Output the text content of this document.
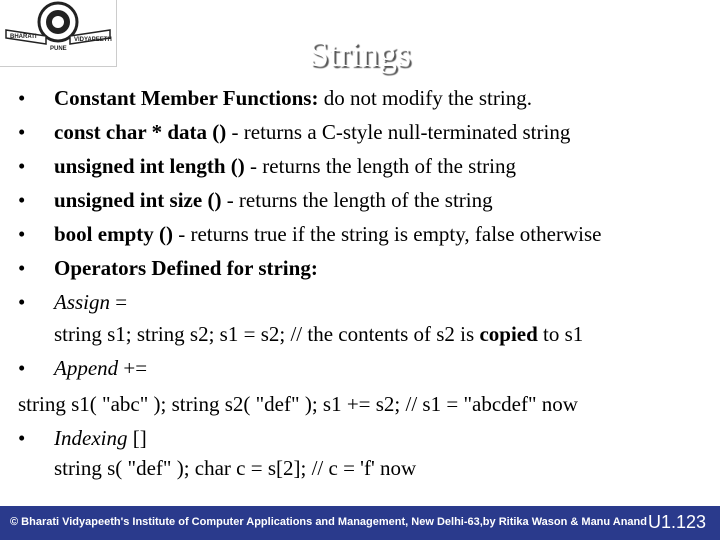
BHARATI	VIDYAPEETH
PUNE	Strings
• Constant Member Functions: do not modify the string.
• const char * data () - returns a C-style null-terminated string
• unsigned int length () - returns the length of the string
• unsigned int size () - returns the length of the string
• bool empty () - returns true if the string is empty, false otherwise
• Operators Defined for string:
• Assign =
string s1; string s2; s1 = s2; // the contents of s2 is copied to s1
• Append +=
string s1( "abc" ); string s2( "def" ); s1 += s2; // s1 = "abcdef" now
• Indexing []
string s( "def" ); char c = s[2]; // c = 'f' now
© Bharati Vidyapeeth's Institute of Computer Applications and Management, New Delhi-63,by Ritika Wason & Manu Anand U1.123
